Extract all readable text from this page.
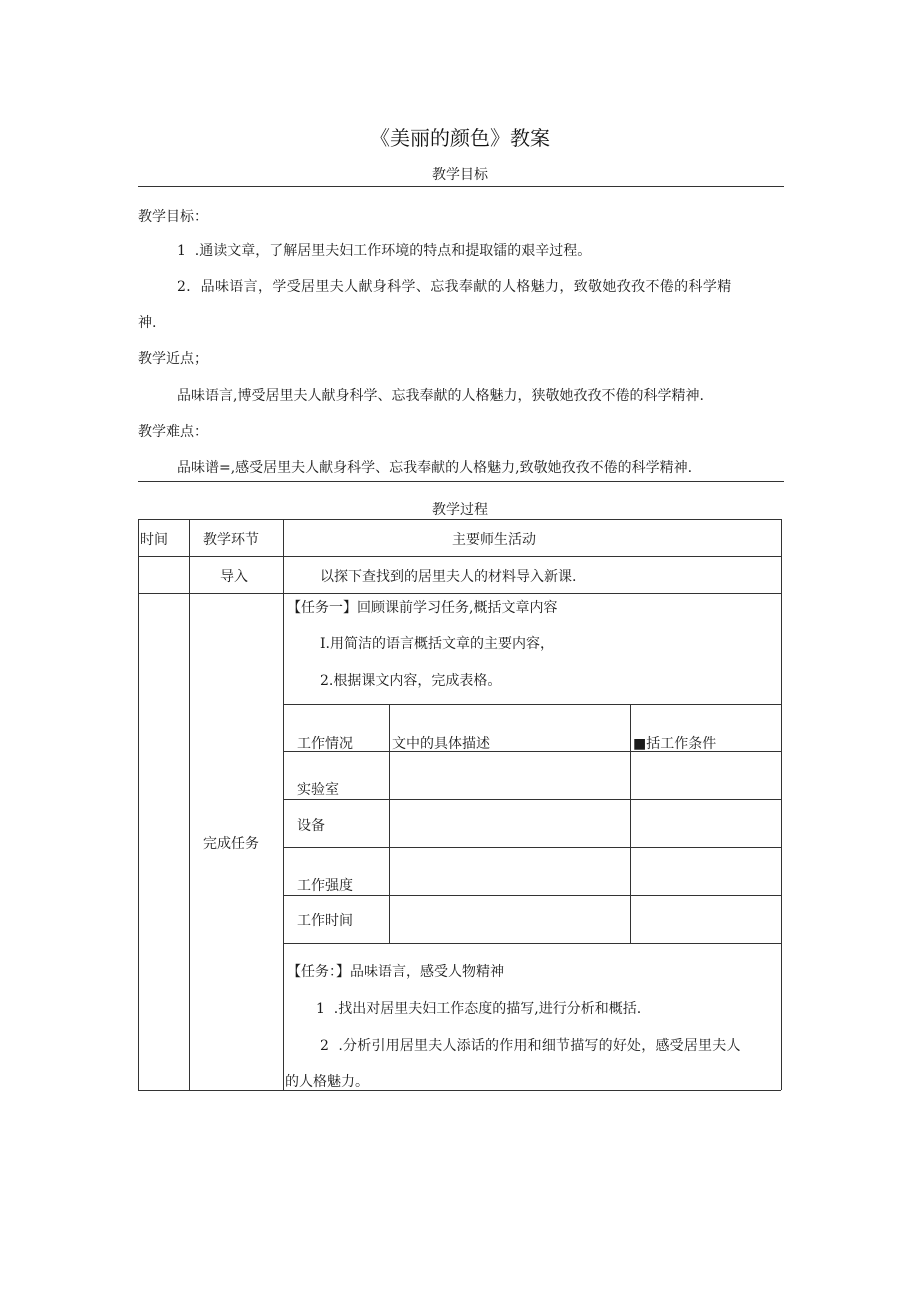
《美丽的颜色》教案
教学目标
教学目标：
1  .通读文章，了解居里夫妇工作环境的特点和提取镭的艰辛过程。
2．品味语言，学受居里夫人献身科学、忘我奉献的人格魅力，致敬她孜孜不倦的科学精
神.
教学近点；
品味语言,博受居里夫人献身科学、忘我奉献的人格魅力，狭敬她孜孜不倦的科学精神.
教学难点：
品味谱=,感受居里夫人献身科学、忘我奉献的人格魅力,致敬她孜孜不倦的科学精神.
教学过程
时间	教学环节	主要师生活动
导入	以探下查找到的居里夫人的材料导入新课.
完成任务
【任务一】回顾课前学习任务,概括文章内容
I.用简洁的语言概括文章的主要内容，
2.根据课文内容，完成表格。
工作情况	文中的具体描述	■括工作条件
实验室
设备
工作强度
工作时间
【任务：】品味语言，感受人物精神
1  .找出对居里夫妇工作态度的描写,进行分析和概括.
2  .分析引用居里夫人添话的作用和细节描写的好处，感受居里夫人
的人格魅力。
